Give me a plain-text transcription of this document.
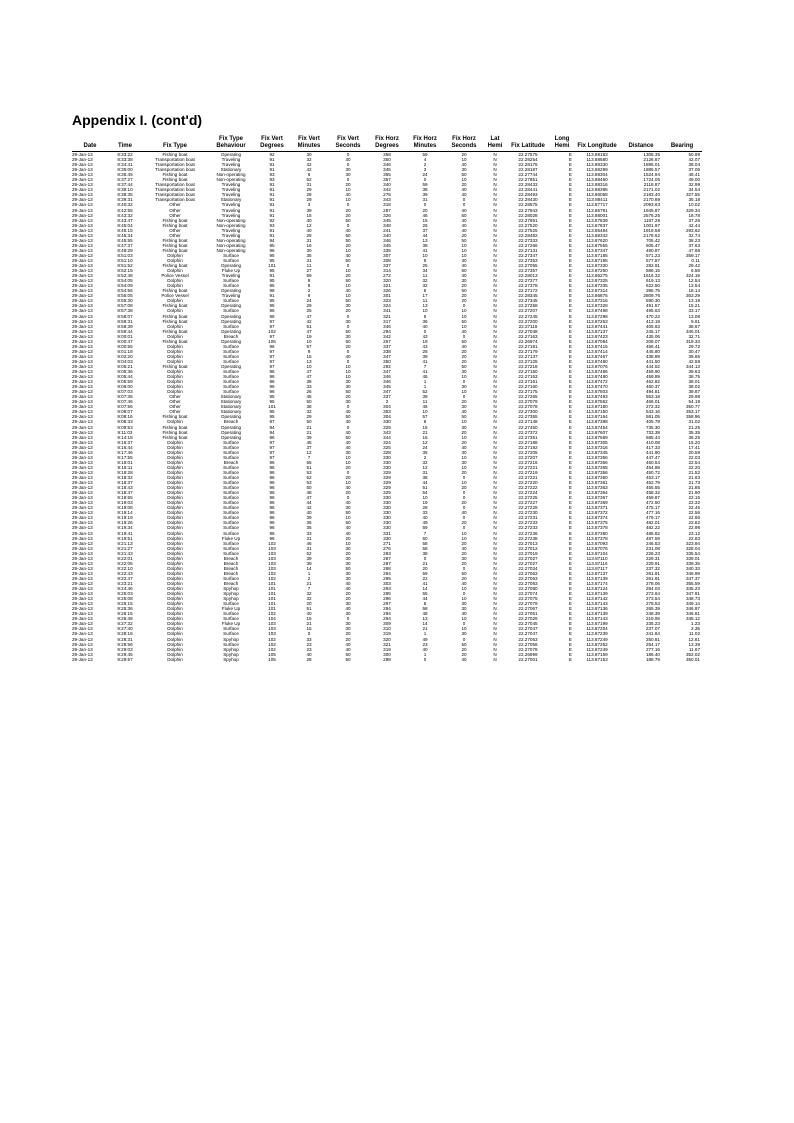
Appendix I. (cont'd)
Date	Time	Fix Type	Fix Type Behaviour	Fix Vert Degrees	Fix Vert Minutes	Fix Vert Seconds	Fix Horz Degrees	Fix Horz Minutes	Fix Horz Seconds	Lat Hemi	Fix Latitude	Long Hemi	Fix Longitude	Distance	Bearing
29-Jan-13	8:33:22	Fishing boat	Operating	92	30	0	358	59	20	N	22.27575	E	113.88183	1308.35	50.99
29-Jan-13	8:33:38	Transportation boat	Traveling	91	32	40	350	4	10	N	22.28254	E	113.88580	2126.87	42.07
29-Jan-13	8:34:41	Transportation boat	Traveling	91	42	0	346	2	40	N	22.28176	E	113.88330	1895.01	38.04
29-Jan-13	8:35:00	Transportation boat	Stationary	91	42	30	345	3	30	N	22.28187	E	113.88299	1885.57	37.05
29-Jan-13	8:36:45	Fishing boat	Non-operating	93	6	30	355	24	50	N	22.27744	E	113.88304	1524.94	48.41
29-Jan-13	8:37:27	Fishing boat	Non-operating	93	52	0	357	0	10	N	22.27851	E	113.88460	1724.05	49.00
29-Jan-13	8:37:44	Transportation boat	Traveling	91	31	20	340	59	20	N	22.28433	E	113.88316	2118.87	32.99
29-Jan-13	8:38:10	Transportation boat	Traveling	91	29	10	342	38	40	N	22.28441	E	113.88395	2171.02	34.54
29-Jan-13	8:38:35	Transportation boat	Traveling	91	28	40	275	39	40	N	22.28493	E	113.86058	2183.40	327.55
29-Jan-13	8:39:31	Transportation boat	Stationary	91	29	10	343	31	0	N	22.28430	E	113.88411	2170.89	35.18
29-Jan-13	8:40:32	Other	Traveling	91	3	0	318	0	0	N	22.28575	E	113.87717	2093.63	10.02
29-Jan-13	8:42:55	Other	Traveling	91	39	20	287	20	40	N	22.27943	E	113.85791	1945.87	329.34
29-Jan-13	8:43:32	Other	Traveling	91	15	20	326	46	50	N	22.28028	E	113.88001	2576.25	18.78
29-Jan-13	8:43:47	Fishing boat	Non-operating	92	40	50	345	15	40	N	22.27691	E	113.87839	1197.28	37.26
29-Jan-13	8:45:04	Fishing boat	Non-operating	93	12	0	348	26	40	N	22.27520	E	113.87837	1001.97	42.44
29-Jan-13	8:45:15	Other	Traveling	91	40	40	241	37	40	N	22.27525	E	113.85484	1919.58	293.62
29-Jan-13	8:45:34	Other	Traveling	91	28	50	340	44	20	N	22.28482	E	113.88342	2178.62	32.74
29-Jan-13	8:45:55	Fishing boat	Non-operating	94	31	50	346	13	50	N	22.27333	E	113.87620	705.42	38.23
29-Jan-13	8:47:37	Fishing boat	Non-operating	95	16	20	345	38	10	N	22.27266	E	113.87555	605.47	37.63
29-Jan-13	8:48:29	Fishing boat	Non-operating	96	30	10	335	41	10	N	22.27131	E	113.87347	490.87	47.68
29-Jan-13	8:51:03	Dolphin	Surface	95	35	40	307	10	10	N	22.27347	E	113.87185	571.23	359.17
29-Jan-13	8:51:10	Dolphin	Surface	95	31	50	308	6	30	N	22.27353	E	113.87195	577.87	0.11
29-Jan-13	8:51:52	Fishing boat	Operating	101	11	0	337	25	40	N	22.27055	E	113.87330	282.91	29.42
29-Jan-13	8:52:15	Dolphin	Fluke Up	95	27	10	314	34	50	N	22.27357	E	113.87260	586.15	6.58
29-Jan-13	8:52:48	Police Vessel	Traveling	91	59	20	272	11	40	N	22.28013	E	113.86275	1616.32	324.19
29-Jan-13	8:54:05	Dolphin	Surface	95	9	50	320	32	30	N	22.27377	E	113.87325	619.13	12.54
29-Jan-13	8:54:09	Dolphin	Surface	95	8	10	321	32	20	N	22.27378	E	113.87335	622.50	13.54
29-Jan-13	8:54:56	Fishing boat	Operating	98	2	40	326	8	50	N	22.27172	E	113.87314	395.75	18.14
29-Jan-13	8:55:05	Police Vessel	Traveling	91	9	10	301	17	20	N	22.28345	E	113.86875	2809.76	353.29
29-Jan-13	8:55:30	Dolphin	Surface	95	24	50	323	11	20	N	22.27345	E	113.87316	590.30	13.19
29-Jan-13	8:57:08	Fishing boat	Operating	95	29	30	324	13	0	N	22.27258	E	113.87328	491.57	15.21
29-Jan-13	8:57:38	Dolphin	Surface	96	25	20	341	10	10	N	22.27207	E	113.87498	495.63	33.17
29-Jan-13	8:58:07	Fishing boat	Operating	96	47	0	321	5	10	N	22.27245	E	113.87298	470.22	13.08
29-Jan-13	8:58:31	Fishing boat	Operating	97	42	30	317	36	50	N	22.27200	E	113.87263	413.19	9.61
29-Jan-13	8:58:39	Dolphin	Surface	97	51	0	346	40	10	N	22.27118	E	113.87441	405.63	38.67
29-Jan-13	8:59:44	Fishing boat	Operating	102	47	50	294	0	40	N	22.27048	E	113.87137	245.17	346.01
29-Jan-13	9:00:01	Dolphin	Breach	97	19	30	342	43	0	N	22.27163	E	113.87423	435.06	32.71
29-Jan-13	9:00:47	Fishing boat	Operating	105	10	50	257	19	50	N	22.26974	E	113.87084	208.07	319.33
29-Jan-13	9:00:55	Dolphin	Surface	96	57	20	337	43	40	N	22.27181	E	113.87415	456.41	29.72
29-Jan-13	9:01:18	Dolphin	Surface	97	9	0	338	28	20	N	22.27179	E	113.87414	445.80	30.47
29-Jan-13	9:02:20	Dolphin	Surface	97	15	40	347	39	20	N	22.27137	E	113.87467	438.89	39.65
29-Jan-13	9:04:03	Dolphin	Surface	97	13	0	350	41	20	N	22.27125	E	113.87480	441.50	42.59
29-Jan-13	9:05:21	Fishing boat	Operating	97	10	10	292	7	50	N	22.27218	E	113.87076	444.52	344.13
29-Jan-13	9:05:36	Dolphin	Surface	96	47	10	347	41	30	N	22.27150	E	113.87486	459.90	39.63
29-Jan-13	9:05:44	Dolphin	Surface	96	47	10	346	45	10	N	22.27153	E	113.87480	459.89	38.75
29-Jan-13	9:05:59	Dolphin	Surface	96	38	30	346	1	0	N	22.27161	E	113.87472	462.82	38.01
29-Jan-13	9:06:00	Dolphin	Surface	96	33	30	345	1	30	N	22.27160	E	113.87470	460.37	38.02
29-Jan-13	9:07:03	Dolphin	Surface	96	26	50	347	52	10	N	22.27175	E	113.87503	494.81	39.87
29-Jan-13	9:07:36	Other	Stationary	95	45	20	337	39	0	N	22.27265	E	113.87493	553.18	29.98
29-Jan-13	9:07:46	Other	Stationary	95	50	30	2	11	20	N	22.27079	E	113.87562	466.01	54.19
29-Jan-13	9:07:56	Other	Stationary	101	38	0	304	46	30	N	22.27078	E	113.87180	272.32	350.77
29-Jan-13	9:08:07	Other	Stationary	95	32	40	353	10	40	N	22.27300	E	113.87150	543.16	353.17
29-Jan-13	9:08:16	Fishing boat	Operating	95	29	50	304	57	50	N	22.27355	E	113.87164	581.05	358.96
29-Jan-13	9:08:33	Dolphin	Breach	97	50	40	330	8	10	N	22.27148	E	113.87398	405.79	31.02
29-Jan-13	9:09:53	Fishing boat	Operating	94	21	0	329	15	30	N	22.27450	E	113.87454	735.30	21.25
29-Jan-13	9:11:03	Fishing boat	Operating	94	21	40	343	21	20	N	22.27372	E	113.87607	733.38	35.35
29-Jan-13	9:14:18	Fishing boat	Operating	96	39	50	344	15	10	N	22.27351	E	113.87589	685.44	36.25
29-Jan-13	9:16:37	Dolphin	Surface	97	45	40	324	12	20	N	22.27188	E	113.87305	410.08	15.20
29-Jan-13	9:16:44	Dolphin	Surface	97	37	40	325	24	40	N	22.27192	E	113.87316	417.33	17.41
29-Jan-13	9:17:46	Dolphin	Surface	97	12	30	328	35	30	N	22.27205	E	113.87345	441.90	20.59
29-Jan-13	9:17:55	Dolphin	Surface	97	7	10	330	2	10	N	22.27207	E	113.87356	447.47	22.03
29-Jan-13	9:18:01	Dolphin	Breach	96	55	10	330	32	30	N	22.27216	E	113.87366	460.54	22.54
29-Jan-13	9:18:11	Dolphin	Surface	96	51	20	330	12	10	N	22.27221	E	113.87365	454.88	22.20
29-Jan-13	9:18:28	Dolphin	Surface	96	53	0	329	31	20	N	22.27219	E	113.87356	450.72	21.52
29-Jan-13	9:18:32	Dolphin	Surface	96	52	20	329	38	0	N	22.27221	E	113.87360	453.17	21.63
29-Jan-13	9:18:37	Dolphin	Surface	96	53	10	329	44	10	N	22.27220	E	113.87361	452.79	21.73
29-Jan-13	9:18:43	Dolphin	Surface	96	50	40	329	51	20	N	22.27222	E	113.87363	455.55	21.85
29-Jan-13	9:18:47	Dolphin	Surface	96	48	20	329	54	0	N	22.27224	E	113.87364	458.32	21.90
29-Jan-13	9:18:55	Dolphin	Surface	96	47	0	330	10	0	N	22.27225	E	113.87367	459.87	22.15
29-Jan-13	9:19:03	Dolphin	Surface	96	44	40	330	19	20	N	22.27227	E	113.87369	472.50	22.32
29-Jan-13	9:19:08	Dolphin	Surface	96	42	30	330	28	0	N	22.27229	E	113.87371	475.17	22.45
29-Jan-13	9:19:14	Dolphin	Surface	96	40	50	330	33	40	N	22.27230	E	113.87372	477.16	22.56
29-Jan-13	9:19:19	Dolphin	Surface	96	39	10	330	40	0	N	22.27231	E	113.87374	479.17	22.66
29-Jan-13	9:19:26	Dolphin	Surface	96	36	50	330	49	20	N	22.27233	E	113.87375	482.01	22.82
29-Jan-13	9:19:34	Dolphin	Surface	96	35	40	330	59	0	N	22.27233	E	113.87378	482.22	22.98
29-Jan-13	9:19:41	Dolphin	Surface	96	33	40	331	7	10	N	22.27236	E	113.87380	485.82	23.12
29-Jan-13	9:19:51	Dolphin	Fluke Up	96	31	20	330	50	10	N	22.27238	E	113.87378	487.59	22.83
29-Jan-13	9:21:13	Dolphin	Surface	102	46	10	271	58	20	N	22.27013	E	113.87093	246.53	323.94
29-Jan-13	9:21:27	Dolphin	Surface	103	31	30	276	58	40	N	22.27012	E	113.87076	231.08	328.04
29-Jan-13	9:21:43	Dolphin	Surface	103	52	20	283	38	20	N	22.27019	E	113.87104	226.23	335.54
29-Jan-13	9:22:01	Dolphin	Breach	103	39	30	287	0	30	N	22.27027	E	113.87110	229.31	339.01
29-Jan-13	9:22:05	Dolphin	Breach	103	39	30	287	21	20	N	22.27027	E	113.87116	229.91	339.35
29-Jan-13	9:22:10	Dolphin	Breach	103	14	50	288	20	0	N	22.27034	E	113.87117	237.32	340.33
29-Jan-13	9:22:43	Dolphin	Breach	102	1	30	294	59	50	N	22.27063	E	113.87137	261.91	346.99
29-Jan-13	9:22:47	Dolphin	Surface	102	2	30	295	22	20	N	22.27063	E	113.87139	261.91	347.37
29-Jan-13	9:23:21	Dolphin	Breach	101	21	40	303	41	40	N	22.27083	E	113.87174	278.06	355.59
29-Jan-13	9:24:46	Dolphin	Spyhop	101	7	40	293	14	10	N	22.27080	E	113.87124	284.03	345.23
29-Jan-13	9:25:03	Dolphin	Spyhop	101	32	20	295	55	0	N	22.27074	E	113.87139	273.64	347.91
29-Jan-13	9:25:08	Dolphin	Spyhop	101	32	20	296	44	10	N	22.27075	E	113.87142	273.54	348.73
29-Jan-13	9:25:15	Dolphin	Surface	101	20	30	297	8	30	N	22.27079	E	113.87143	278.53	349.14
29-Jan-13	9:25:36	Dolphin	Fluke Up	101	51	40	294	58	30	N	22.27067	E	113.87136	265.39	346.97
29-Jan-13	9:26:15	Dolphin	Surface	102	40	30	294	48	40	N	22.27051	E	113.87139	248.39	346.81
29-Jan-13	9:26:48	Dolphin	Surface	104	15	0	294	13	10	N	22.27026	E	113.87143	219.95	345.12
29-Jan-13	9:27:32	Dolphin	Fluke Up	103	21	30	309	14	0	N	22.27045	E	113.87199	235.23	1.23
29-Jan-13	9:27:40	Dolphin	Surface	103	15	30	310	21	10	N	22.27047	E	113.87204	237.07	2.35
29-Jan-13	9:28:16	Dolphin	Surface	103	0	20	319	1	30	N	22.27047	E	113.87239	241.84	11.02
29-Jan-13	9:28:31	Dolphin	Spyhop	102	33	20	320	49	0	N	22.27053	E	113.87249	250.81	12.81
29-Jan-13	9:28:56	Dolphin	Surface	102	23	40	321	23	50	N	22.27056	E	113.87252	254.17	13.39
29-Jan-13	9:29:03	Dolphin	Spyhop	102	23	40	319	40	20	N	22.27078	E	113.87249	277.16	11.67
29-Jan-13	9:29:45	Dolphin	Spyhop	105	40	50	300	1	20	N	22.26999	E	113.87159	186.40	352.02
29-Jan-13	9:29:57	Dolphin	Spyhop	105	28	50	298	0	40	N	22.27001	E	113.87153	188.79	350.01
